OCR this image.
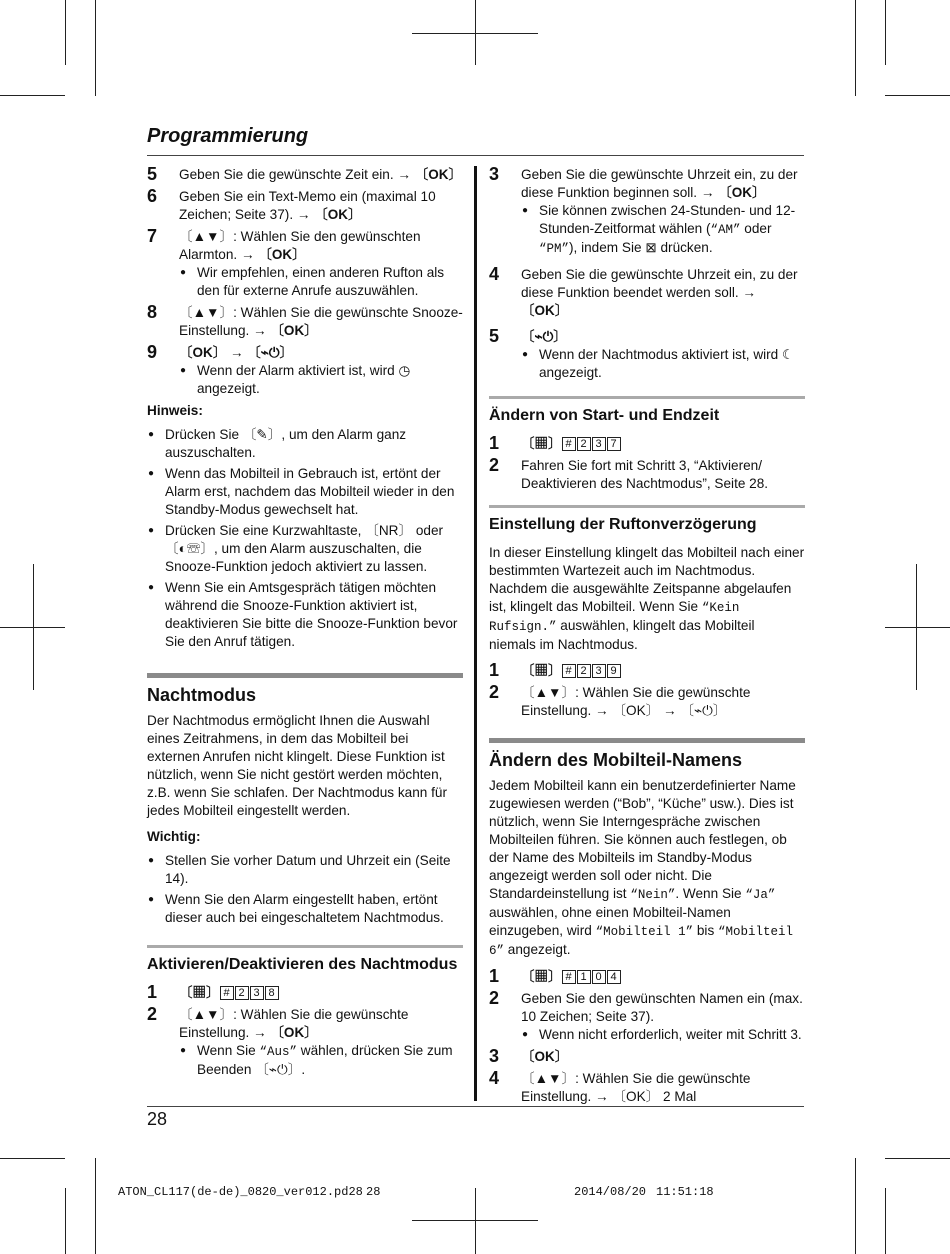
Programmierung
5 Geben Sie die gewünschte Zeit ein. → 〔OK〕
6 Geben Sie ein Text-Memo ein (maximal 10 Zeichen; Seite 37). → 〔OK〕
7 〔▲▼〕: Wählen Sie den gewünschten Alarmton. → 〔OK〕
● Wir empfehlen, einen anderen Rufton als den für externe Anrufe auszuwählen.
8 〔▲▼〕: Wählen Sie die gewünschte Snooze-Einstellung. → 〔OK〕
9 〔OK〕 → 〔⌁⏻〕
● Wenn der Alarm aktiviert ist, wird ◷ angezeigt.
Hinweis:
● Drücken Sie 〔✎〕, um den Alarm ganz auszuschalten.
● Wenn das Mobilteil in Gebrauch ist, ertönt der Alarm erst, nachdem das Mobilteil wieder in den Standby-Modus gewechselt hat.
● Drücken Sie eine Kurzwahltaste, 〔NR〕 oder 〔◐☏〕, um den Alarm auszuschalten, die Snooze-Funktion jedoch aktiviert zu lassen.
● Wenn Sie ein Amtsgespräch tätigen möchten während die Snooze-Funktion aktiviert ist, deaktivieren Sie bitte die Snooze-Funktion bevor Sie den Anruf tätigen.
Nachtmodus

Der Nachtmodus ermöglicht Ihnen die Auswahl eines Zeitrahmens, in dem das Mobilteil bei externen Anrufen nicht klingelt. Diese Funktion ist nützlich, wenn Sie nicht gestört werden möchten, z.B. wenn Sie schlafen. Der Nachtmodus kann für jedes Mobilteil eingestellt werden.

Wichtig:
● Stellen Sie vorher Datum und Uhrzeit ein (Seite 14).
● Wenn Sie den Alarm eingestellt haben, ertönt dieser auch bei eingeschaltetem Nachtmodus.
Aktivieren/Deaktivieren des Nachtmodus
1 〔▦〕 # 2 3 8
2 〔▲▼〕: Wählen Sie die gewünschte Einstellung. → 〔OK〕
● Wenn Sie “Aus” wählen, drücken Sie zum Beenden 〔⌁⏻〕.
3 Geben Sie die gewünschte Uhrzeit ein, zu der diese Funktion beginnen soll. → 〔OK〕
● Sie können zwischen 24-Stunden- und 12-Stunden-Zeitformat wählen (“AM” oder “PM”), indem Sie ⊠ drücken.
4 Geben Sie die gewünschte Uhrzeit ein, zu der diese Funktion beendet werden soll. → 〔OK〕
5 〔⌁⏻〕
● Wenn der Nachtmodus aktiviert ist, wird ☾ angezeigt.
Ändern von Start- und Endzeit
1 〔▦〕 # 2 3 7
2 Fahren Sie fort mit Schritt 3, “Aktivieren/ Deaktivieren des Nachtmodus”, Seite 28.
Einstellung der Ruftonverzögerung

In dieser Einstellung klingelt das Mobilteil nach einer bestimmten Wartezeit auch im Nachtmodus. Nachdem die ausgewählte Zeitspanne abgelaufen ist, klingelt das Mobilteil. Wenn Sie “Kein Rufsign.” auswählen, klingelt das Mobilteil niemals im Nachtmodus.

1 〔▦〕 # 2 3 9
2 〔▲▼〕: Wählen Sie die gewünschte Einstellung. → 〔OK〕 → 〔⌁⏻〕
Ändern des Mobilteil-Namens

Jedem Mobilteil kann ein benutzerdefinierter Name zugewiesen werden (“Bob”, “Küche” usw.). Dies ist nützlich, wenn Sie Interngespräche zwischen Mobilteilen führen. Sie können auch festlegen, ob der Name des Mobilteils im Standby-Modus angezeigt werden soll oder nicht. Die Standardeinstellung ist “Nein”. Wenn Sie “Ja” auswählen, ohne einen Mobilteil-Namen einzugeben, wird “Mobilteil 1” bis “Mobilteil 6” angezeigt.

1 〔▦〕 # 1 0 4
2 Geben Sie den gewünschten Namen ein (max. 10 Zeichen; Seite 37).
● Wenn nicht erforderlich, weiter mit Schritt 3.
3 〔OK〕
4 〔▲▼〕: Wählen Sie die gewünschte Einstellung. → 〔OK〕 2 Mal
28
ATON_CL117(de-de)_0820_ver012.pd28 28	2014/08/20 11:51:18
